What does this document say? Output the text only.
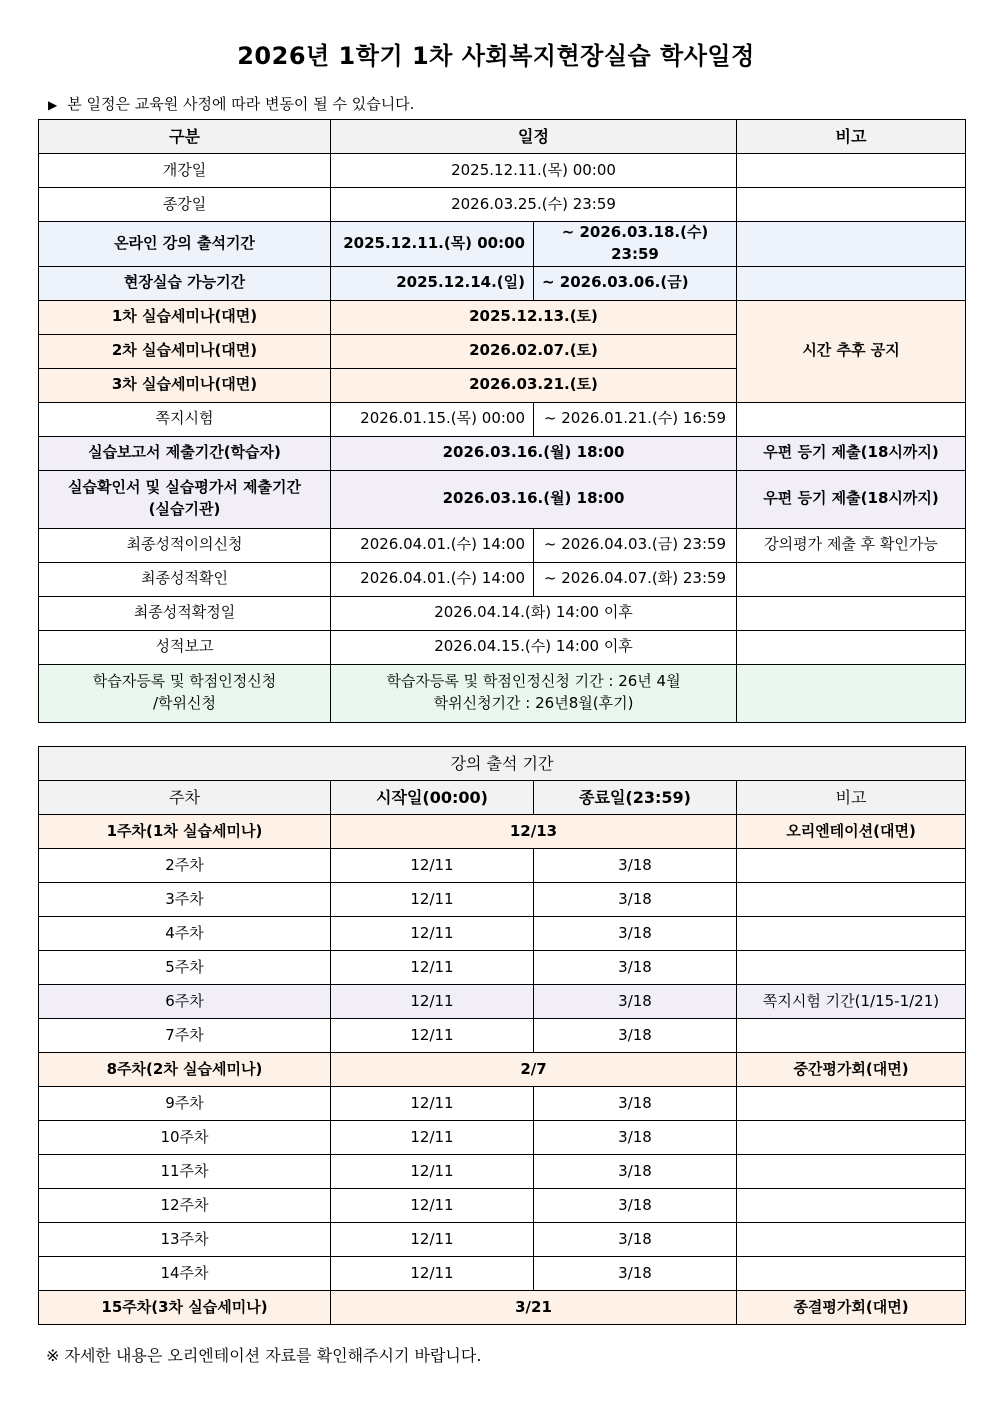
2026년 1학기 1차 사회복지현장실습 학사일정
▶ 본 일정은 교육원 사정에 따라 변동이 될 수 있습니다.
구분	일정		비고
개강일	2025.12.11.(목) 00:00		
종강일	2026.03.25.(수) 23:59		
온라인 강의 출석기간	2025.12.11.(목) 00:00	~ 2026.03.18.(수) 23:59	
현장실습 가능기간	2025.12.14.(일)	~ 2026.03.06.(금)	
1차 실습세미나(대면)	2025.12.13.(토)		시간 추후 공지
2차 실습세미나(대면)	2026.02.07.(토)		
3차 실습세미나(대면)	2026.03.21.(토)		
쪽지시험	2026.01.15.(목) 00:00	~ 2026.01.21.(수) 16:59	
실습보고서 제출기간(학습자)	2026.03.16.(월) 18:00		우편 등기 제출(18시까지)
실습확인서 및 실습평가서 제출기간
(실습기관)	2026.03.16.(월) 18:00		우편 등기 제출(18시까지)
최종성적이의신청	2026.04.01.(수) 14:00	~ 2026.04.03.(금) 23:59	강의평가 제출 후 확인가능
최종성적확인	2026.04.01.(수) 14:00	~ 2026.04.07.(화) 23:59	
최종성적확정일	2026.04.14.(화) 14:00 이후		
성적보고	2026.04.15.(수) 14:00 이후		
학습자등록 및 학점인정신청
/학위신청	학습자등록 및 학점인정신청 기간 : 26년 4월
학위신청기간 : 26년8월(후기)		
강의 출석 기간			
주차	시작일(00:00)	종료일(23:59)	비고
1주차(1차 실습세미나)	12/13		오리엔테이션(대면)
2주차	12/11	3/18	
3주차	12/11	3/18	
4주차	12/11	3/18	
5주차	12/11	3/18	
6주차	12/11	3/18	쪽지시험 기간(1/15-1/21)
7주차	12/11	3/18	
8주차(2차 실습세미나)	2/7		중간평가회(대면)
9주차	12/11	3/18	
10주차	12/11	3/18	
11주차	12/11	3/18	
12주차	12/11	3/18	
13주차	12/11	3/18	
14주차	12/11	3/18	
15주차(3차 실습세미나)	3/21		종결평가회(대면)
※ 자세한 내용은 오리엔테이션 자료를 확인해주시기 바랍니다.
